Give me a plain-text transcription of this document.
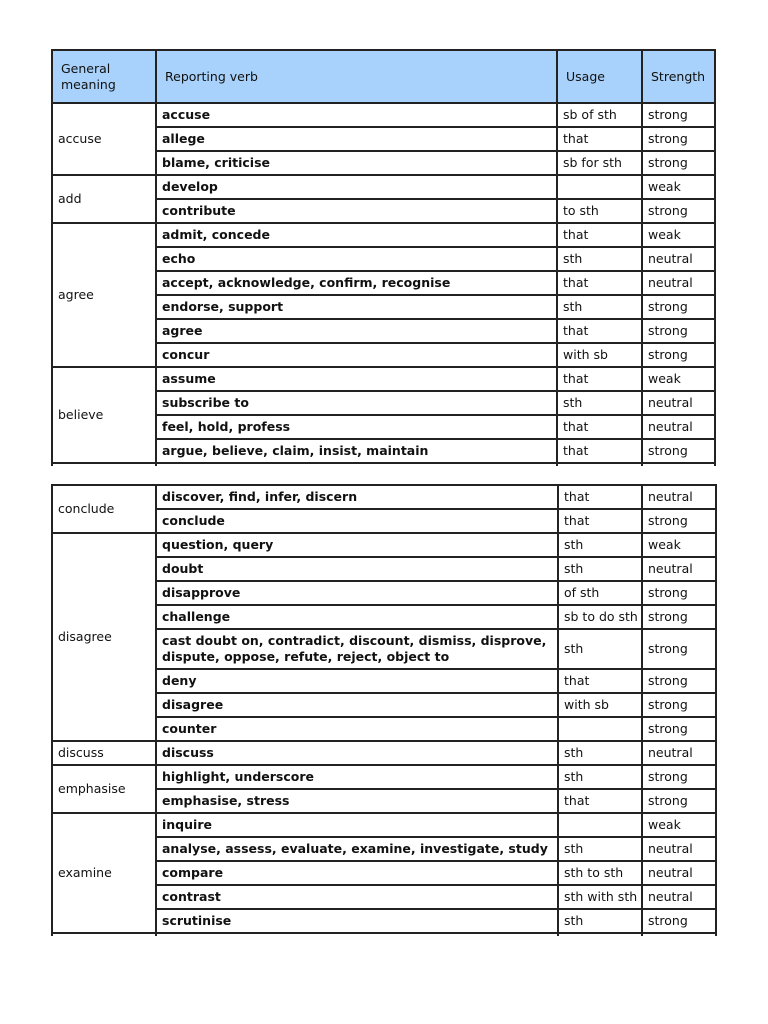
General meaning	Reporting verb	Usage	Strength
accuse	accuse	sb of sth	strong
	allege	that	strong
	blame, criticise	sb for sth	strong
add	develop		weak
	contribute	to sth	strong
agree	admit, concede	that	weak
	echo	sth	neutral
	accept, acknowledge, confirm, recognise	that	neutral
	endorse, support	sth	strong
	agree	that	strong
	concur	with sb	strong
believe	assume	that	weak
	subscribe to	sth	neutral
	feel, hold, profess	that	neutral
	argue, believe, claim, insist, maintain	that	strong

conclude	discover, find, infer, discern	that	neutral
	conclude	that	strong
disagree	question, query	sth	weak
	doubt	sth	neutral
	disapprove	of sth	strong
	challenge	sb to do sth	strong
	cast doubt on, contradict, discount, dismiss, disprove, dispute, oppose, refute, reject, object to	sth	strong
	deny	that	strong
	disagree	with sb	strong
	counter		strong
discuss	discuss	sth	neutral
emphasise	highlight, underscore	sth	strong
	emphasise, stress	that	strong
examine	inquire		weak
	analyse, assess, evaluate, examine, investigate, study	sth	neutral
	compare	sth to sth	neutral
	contrast	sth with sth	neutral
	scrutinise	sth	strong
